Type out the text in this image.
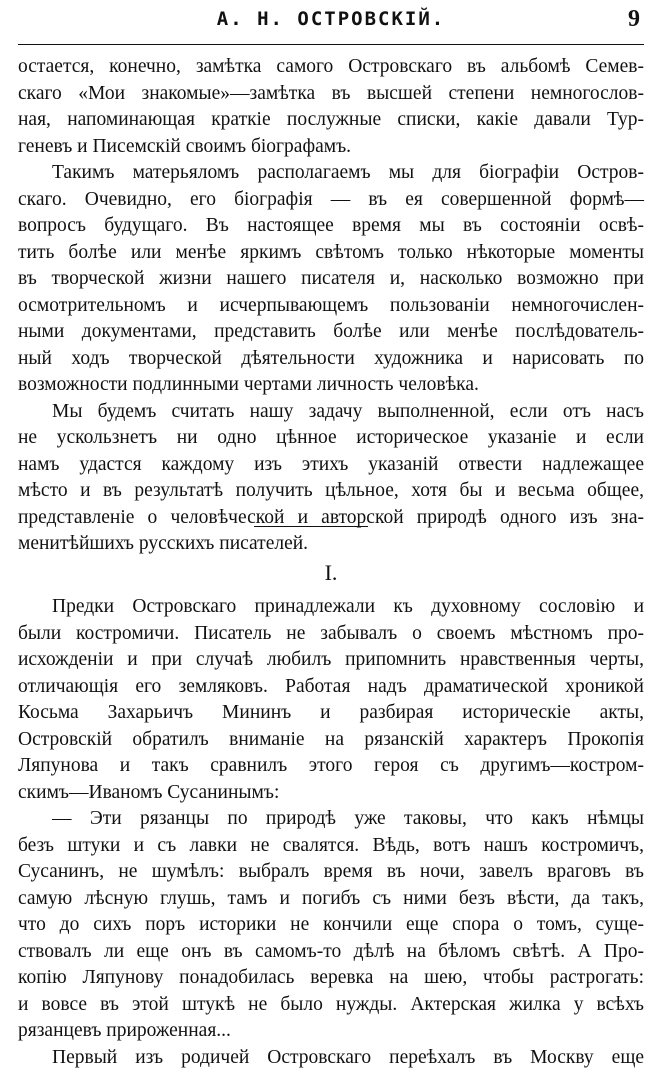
А. Н. ОСТРОВСКІЙ.	9
остается, конечно, замѣтка самого Островскаго въ альбомѣ Семев-
скаго «Мои знакомые»—замѣтка въ высшей степени немногослов-
ная, напоминающая краткіе послужные списки, какіе давали Тур-
геневъ и Писемскій своимъ біографамъ.
Такимъ матерьяломъ располагаемъ мы для біографіи Остров-
скаго. Очевидно, его біографія — въ ея совершенной формѣ—
вопросъ будущаго. Въ настоящее время мы въ состояніи освѣ-
тить болѣе или менѣе яркимъ свѣтомъ только нѣкоторые моменты
въ творческой жизни нашего писателя и, насколько возможно при
осмотрительномъ и исчерпывающемъ пользованіи немногочислен-
ными документами, представить болѣе или менѣе послѣдователь-
ный ходъ творческой дѣятельности художника и нарисовать по
возможности подлинными чертами личность человѣка.
Мы будемъ считать нашу задачу выполненной, если отъ насъ
не ускользнетъ ни одно цѣнное историческое указаніе и если
намъ удастся каждому изъ этихъ указаній отвести надлежащее
мѣсто и въ результатѣ получить цѣльное, хотя бы и весьма общее,
представленіе о человѣческой и авторской природѣ одного изъ зна-
менитѣйшихъ русскихъ писателей.
I.
Предки Островскаго принадлежали къ духовному сословію и
были костромичи. Писатель не забывалъ о своемъ мѣстномъ про-
исхожденіи и при случаѣ любилъ припомнить нравственныя черты,
отличающія его земляковъ. Работая надъ драматической хроникой
Косьма Захарьичъ Мининъ и разбирая историческіе акты,
Островскій обратилъ вниманіе на рязанскій характеръ Прокопія
Ляпунова и такъ сравнилъ этого героя съ другимъ—костром-
скимъ—Иваномъ Сусанинымъ:
— Эти рязанцы по природѣ уже таковы, что какъ нѣмцы
безъ штуки и съ лавки не свалятся. Вѣдь, вотъ нашъ костромичъ,
Сусанинъ, не шумѣлъ: выбралъ время въ ночи, завелъ враговъ въ
самую лѣсную глушь, тамъ и погибъ съ ними безъ вѣсти, да такъ,
что до сихъ поръ историки не кончили еще спора о томъ, суще-
ствовалъ ли еще онъ въ самомъ-то дѣлѣ на бѣломъ свѣтѣ. А Про-
копію Ляпунову понадобилась веревка на шею, чтобы растрогать:
и вовсе въ этой штукѣ не было нужды. Актерская жилка у всѣхъ
рязанцевъ прироженная...
Первый изъ родичей Островскаго переѣхалъ въ Москву еще
